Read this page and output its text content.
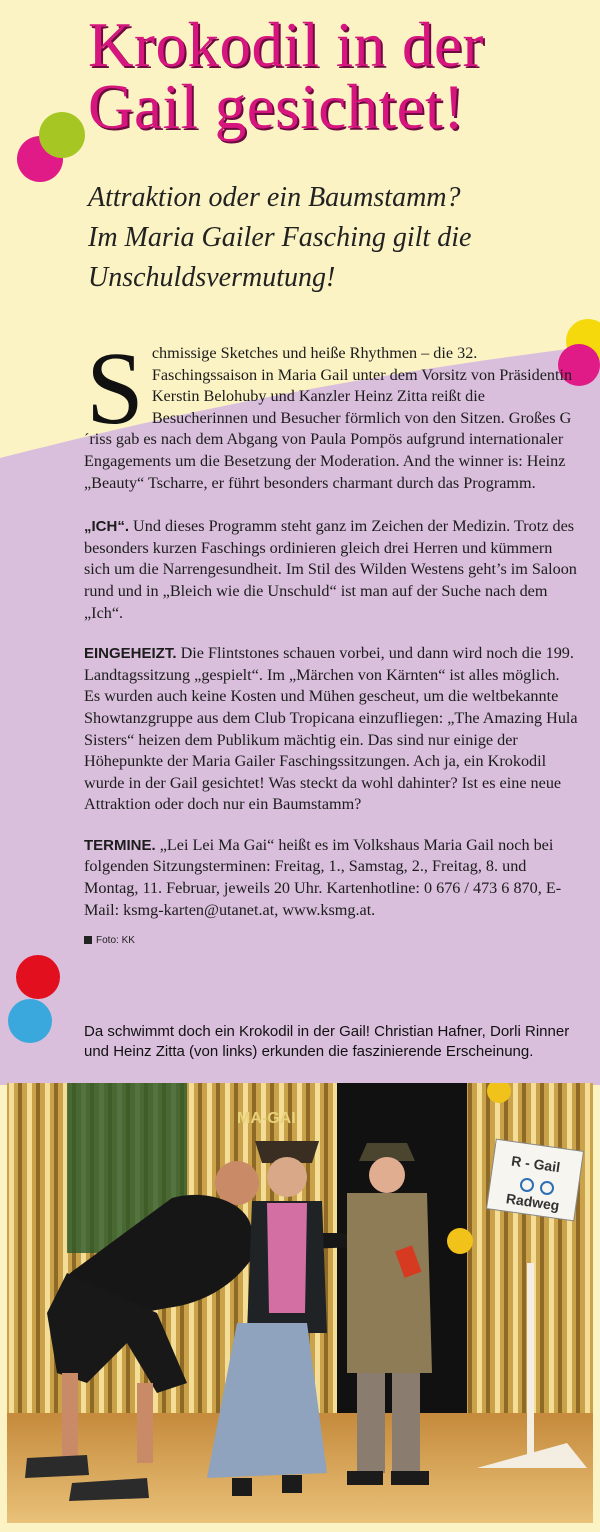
Krokodil in der Gail gesichtet!
Attraktion oder ein Baumstamm?
Im Maria Gailer Fasching gilt die
Unschuldsvermutung!

Schmissige Sketches und heiße Rhythmen – die 32. Faschingssaison in Maria Gail unter dem Vorsitz von Präsidentin Kerstin Belohuby und Kanzler Heinz Zitta reißt die Besucherinnen und Besucher förmlich von den Sitzen. Großes G´riss gab es nach dem Abgang von Paula Pompös aufgrund internationaler Engagements um die Besetzung der Moderation. And the winner is: Heinz „Beauty“ Tscharre, er führt besonders charmant durch das Programm.

„ICH“. Und dieses Programm steht ganz im Zeichen der Medizin. Trotz des besonders kurzen Faschings ordinieren gleich drei Herren und kümmern sich um die Narrengesundheit. Im Stil des Wilden Westens geht’s im Saloon rund und in „Bleich wie die Unschuld“ ist man auf der Suche nach dem „Ich“.

EINGEHEIZT. Die Flintstones schauen vorbei, und dann wird noch die 199. Landtagssitzung „gespielt“. Im „Märchen von Kärnten“ ist alles möglich. Es wurden auch keine Kosten und Mühen gescheut, um die weltbekannte Showtanzgruppe aus dem Club Tropicana einzufliegen: „The Amazing Hula Sisters“ heizen dem Publikum mächtig ein. Das sind nur einige der Höhepunkte der Maria Gailer Faschingssitzungen. Ach ja, ein Krokodil wurde in der Gail gesichtet! Was steckt da wohl dahinter? Ist es eine neue Attraktion oder doch nur ein Baumstamm?

TERMINE. „Lei Lei Ma Gai“ heißt es im Volkshaus Maria Gail noch bei folgenden Sitzungsterminen: Freitag, 1., Samstag, 2., Freitag, 8. und Montag, 11. Februar, jeweils 20 Uhr. Kartenhotline: 0 676 / 473 6 870, E-Mail: ksmg-karten@utanet.at, www.ksmg.at.

Foto: KK

Da schwimmt doch ein Krokodil in der Gail! Christian Hafner, Dorli Rinner und Heinz Zitta (von links) erkunden die faszinierende Erscheinung.

MA-GAI
R - Gail
Radweg
